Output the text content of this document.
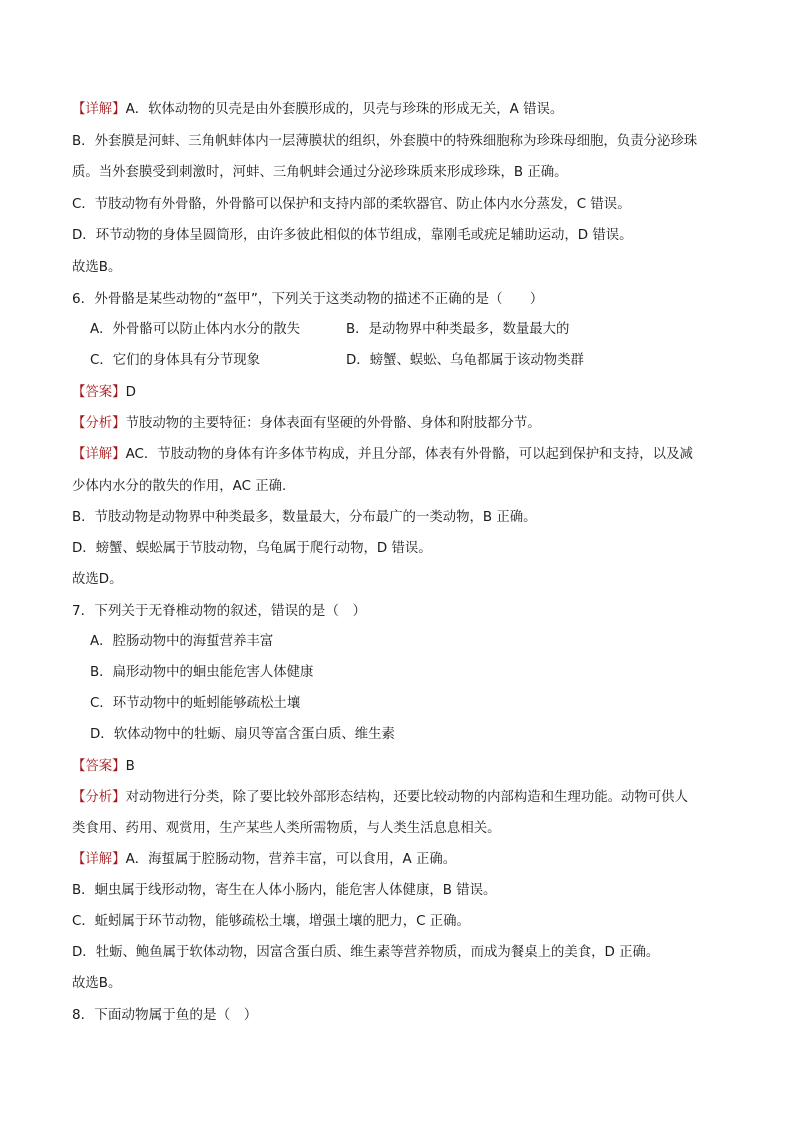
【详解】A．软体动物的贝壳是由外套膜形成的，贝壳与珍珠的形成无关，A 错误。
B．外套膜是河蚌、三角帆蚌体内一层薄膜状的组织，外套膜中的特殊细胞称为珍珠母细胞，负责分泌珍珠
质。当外套膜受到刺激时，河蚌、三角帆蚌会通过分泌珍珠质来形成珍珠，B 正确。
C．节肢动物有外骨骼，外骨骼可以保护和支持内部的柔软器官、防止体内水分蒸发，C 错误。
D．环节动物的身体呈圆筒形，由许多彼此相似的体节组成，靠刚毛或疣足辅助运动，D 错误。
故选B。
6．外骨骼是某些动物的“盔甲”，下列关于这类动物的描述不正确的是（　　）
A．外骨骼可以防止体内水分的散失	B．是动物界中种类最多，数量最大的
C．它们的身体具有分节现象	D．螃蟹、蜈蚣、乌龟都属于该动物类群
【答案】D
【分析】节肢动物的主要特征：身体表面有坚硬的外骨骼、身体和附肢都分节。
【详解】AC．节肢动物的身体有许多体节构成，并且分部，体表有外骨骼，可以起到保护和支持，以及减
少体内水分的散失的作用，AC 正确.
B．节肢动物是动物界中种类最多，数量最大，分布最广的一类动物，B 正确。
D．螃蟹、蜈蚣属于节肢动物，乌龟属于爬行动物，D 错误。
故选D。
7．下列关于无脊椎动物的叙述，错误的是（　）
A．腔肠动物中的海蜇营养丰富
B．扁形动物中的蛔虫能危害人体健康
C．环节动物中的蚯蚓能够疏松土壤
D．软体动物中的牡蛎、扇贝等富含蛋白质、维生素
【答案】B
【分析】对动物进行分类，除了要比较外部形态结构，还要比较动物的内部构造和生理功能。动物可供人
类食用、药用、观赏用，生产某些人类所需物质，与人类生活息息相关。
【详解】A．海蜇属于腔肠动物，营养丰富，可以食用，A 正确。
B．蛔虫属于线形动物，寄生在人体小肠内，能危害人体健康，B 错误。
C．蚯蚓属于环节动物，能够疏松土壤，增强土壤的肥力，C 正确。
D．牡蛎、鲍鱼属于软体动物，因富含蛋白质、维生素等营养物质，而成为餐桌上的美食，D 正确。
故选B。
8．下面动物属于鱼的是（　）
